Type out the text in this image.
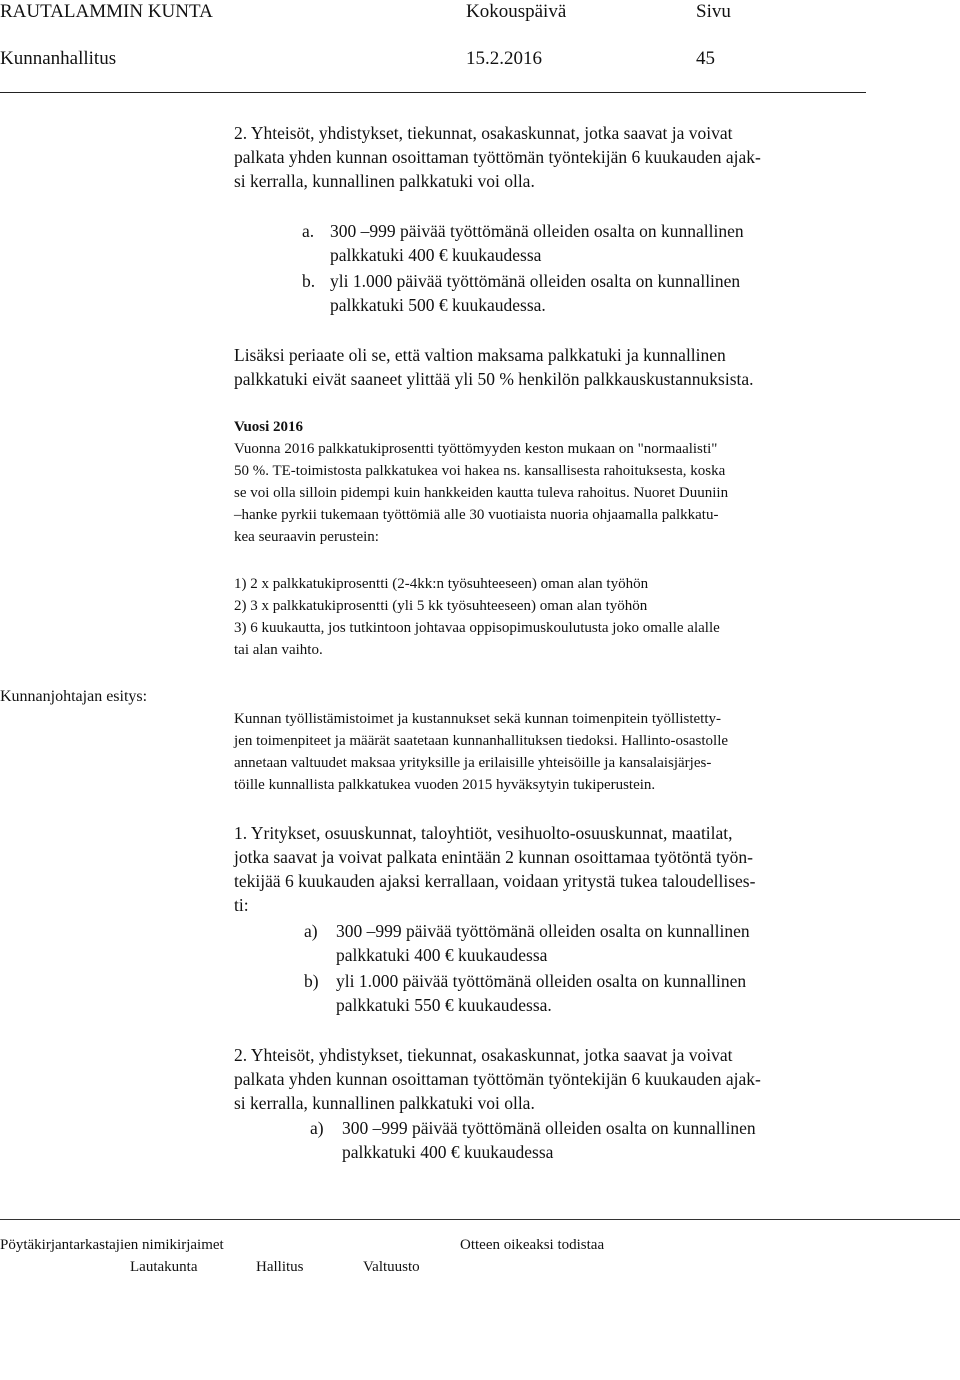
RAUTALAMMIN KUNTA	Kokouspäivä	Sivu
Kunnanhallitus	15.2.2016	45
2. Yhteisöt, yhdistykset, tiekunnat, osakaskunnat, jotka saavat ja voivat
palkata yhden kunnan osoittaman työttömän työntekijän 6 kuukauden ajak-
si kerralla, kunnallinen palkkatuki voi olla.
a. 300 –999 päivää työttömänä olleiden osalta on kunnallinen
palkkatuki 400 € kuukaudessa
b. yli 1.000 päivää työttömänä olleiden osalta on kunnallinen
palkkatuki 500 € kuukaudessa.
Lisäksi periaate oli se, että valtion maksama palkkatuki ja kunnallinen
palkkatuki eivät saaneet ylittää yli 50 % henkilön palkkauskustannuksista.
Vuosi 2016
Vuonna 2016 palkkatukiprosentti työttömyyden keston mukaan on "normaalisti"
50 %. TE-toimistosta palkkatukea voi hakea ns. kansallisesta rahoituksesta, koska
se voi olla silloin pidempi kuin hankkeiden kautta tuleva rahoitus. Nuoret Duuniin
–hanke pyrkii tukemaan työttömiä alle 30 vuotiaista nuoria ohjaamalla palkkatu-
kea seuraavin perustein:
1) 2 x palkkatukiprosentti (2-4kk:n työsuhteeseen) oman alan työhön
2) 3 x palkkatukiprosentti (yli 5 kk työsuhteeseen) oman alan työhön
3) 6 kuukautta, jos tutkintoon johtavaa oppisopimuskoulutusta joko omalle alalle
tai alan vaihto.
Kunnanjohtajan esitys:
Kunnan työllistämistoimet ja kustannukset sekä kunnan toimenpitein työllistetty-
jen toimenpiteet ja määrät saatetaan kunnanhallituksen tiedoksi. Hallinto-osastolle
annetaan valtuudet maksaa yrityksille ja erilaisille yhteisöille ja kansalaisjärjes-
töille kunnallista palkkatukea vuoden 2015 hyväksytyin tukiperustein.
1. Yritykset, osuuskunnat, taloyhtiöt, vesihuolto-osuuskunnat, maatilat,
jotka saavat ja voivat palkata enintään 2 kunnan osoittamaa työtöntä työn-
tekijää 6 kuukauden ajaksi kerrallaan, voidaan yritystä tukea taloudellises-
ti:
a) 300 –999 päivää työttömänä olleiden osalta on kunnallinen
palkkatuki 400 € kuukaudessa
b) yli 1.000 päivää työttömänä olleiden osalta on kunnallinen
palkkatuki 550 € kuukaudessa.
2. Yhteisöt, yhdistykset, tiekunnat, osakaskunnat, jotka saavat ja voivat
palkata yhden kunnan osoittaman työttömän työntekijän 6 kuukauden ajak-
si kerralla, kunnallinen palkkatuki voi olla.
a) 300 –999 päivää työttömänä olleiden osalta on kunnallinen
palkkatuki 400 € kuukaudessa
Pöytäkirjantarkastajien nimikirjaimet	Otteen oikeaksi todistaa
Lautakunta	Hallitus	Valtuusto
